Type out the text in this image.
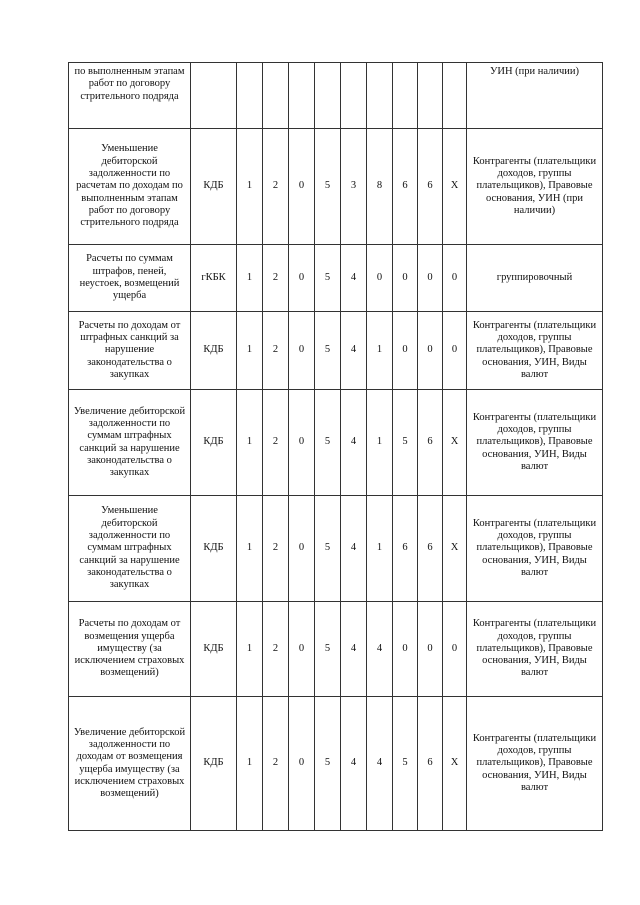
по выполненным этапам работ по договору стрительного подряда											УИН (при наличии)
Уменьшение дебиторской задолженности по расчетам по доходам по выполненным этапам работ по договору стрительного подряда	КДБ	1	2	0	5	3	8	6	6	Х	Контрагенты (плательщики доходов, группы плательщиков), Правовые основания, УИН (при наличии)
Расчеты по суммам штрафов, пеней, неустоек, возмещений ущерба	гКБК	1	2	0	5	4	0	0	0	0	группировочный
Расчеты по доходам от штрафных санкций за нарушение законодательства о закупках	КДБ	1	2	0	5	4	1	0	0	0	Контрагенты (плательщики доходов, группы плательщиков), Правовые основания, УИН, Виды валют
Увеличение дебиторской задолженности по суммам штрафных санкций за нарушение законодательства о закупках	КДБ	1	2	0	5	4	1	5	6	Х	Контрагенты (плательщики доходов, группы плательщиков), Правовые основания, УИН, Виды валют
Уменьшение дебиторской задолженности по суммам штрафных санкций за нарушение законодательства о закупках	КДБ	1	2	0	5	4	1	6	6	Х	Контрагенты (плательщики доходов, группы плательщиков), Правовые основания, УИН, Виды валют
Расчеты по доходам от возмещения ущерба имуществу (за исключением страховых возмещений)	КДБ	1	2	0	5	4	4	0	0	0	Контрагенты (плательщики доходов, группы плательщиков), Правовые основания, УИН, Виды валют
Увеличение дебиторской задолженности по доходам от возмещения ущерба имуществу (за исключением страховых возмещений)	КДБ	1	2	0	5	4	4	5	6	Х	Контрагенты (плательщики доходов, группы плательщиков), Правовые основания, УИН, Виды валют
